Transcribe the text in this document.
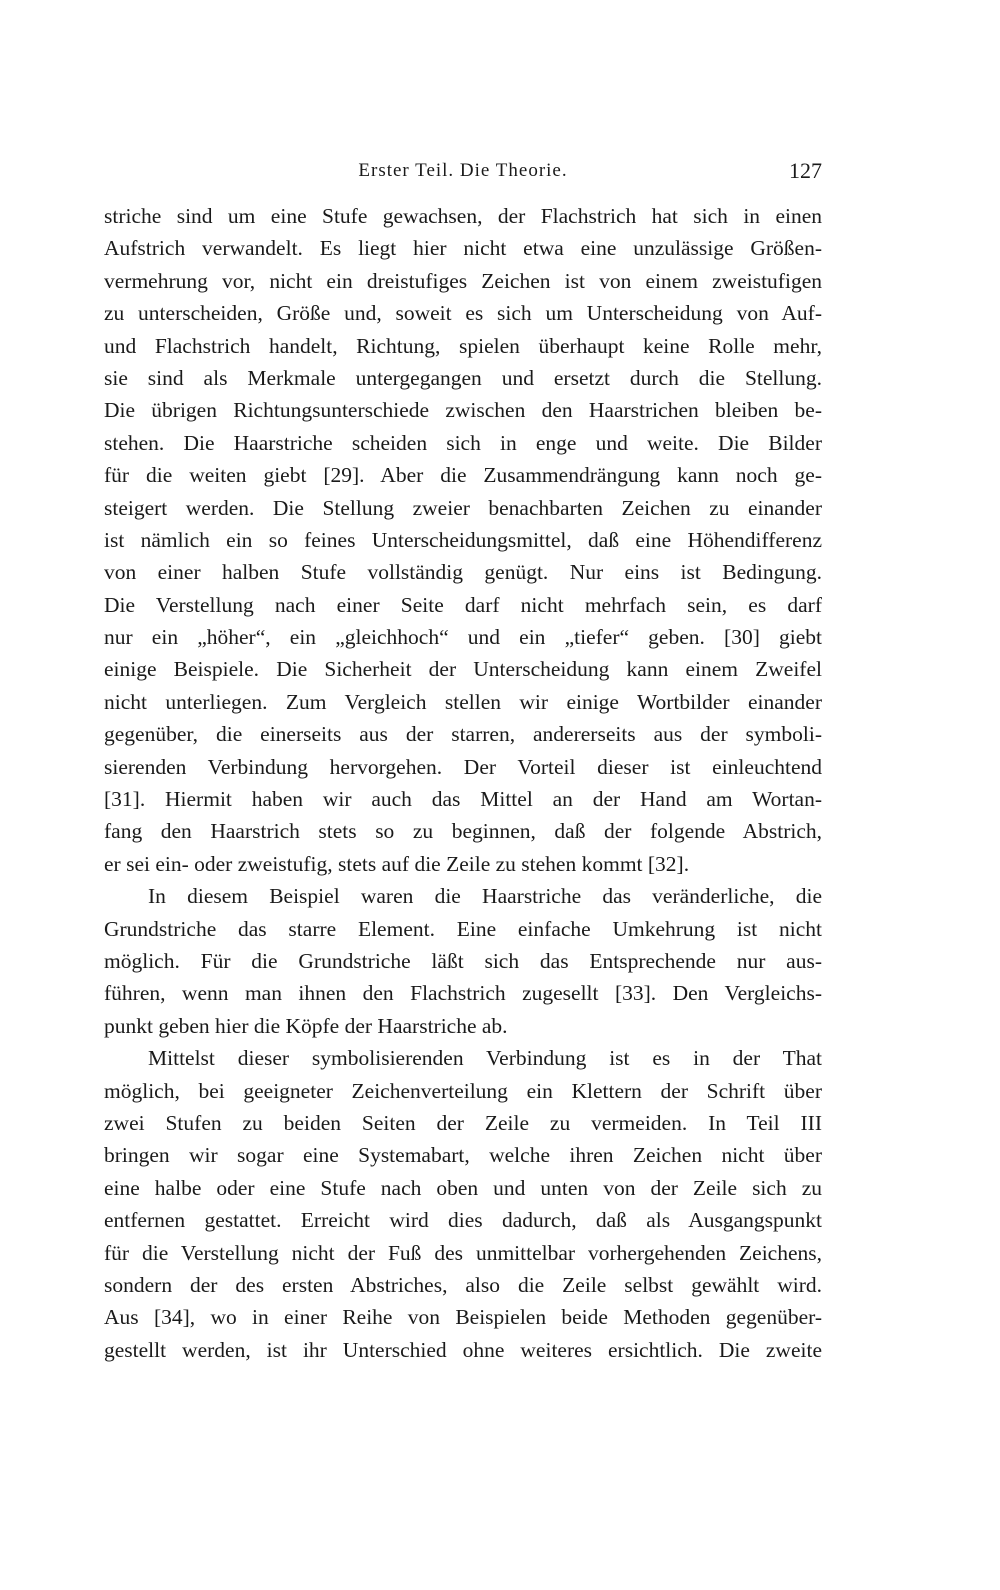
Erster Teil. Die Theorie.	127
striche sind um eine Stufe gewachsen, der Flachstrich hat sich in einen
Aufstrich verwandelt. Es liegt hier nicht etwa eine unzulässige Größen-
vermehrung vor, nicht ein dreistufiges Zeichen ist von einem zweistufigen
zu unterscheiden, Größe und, soweit es sich um Unterscheidung von Auf-
und Flachstrich handelt, Richtung, spielen überhaupt keine Rolle mehr,
sie sind als Merkmale untergegangen und ersetzt durch die Stellung.
Die übrigen Richtungsunterschiede zwischen den Haarstrichen bleiben be-
stehen. Die Haarstriche scheiden sich in enge und weite. Die Bilder
für die weiten giebt [29]. Aber die Zusammendrängung kann noch ge-
steigert werden. Die Stellung zweier benachbarten Zeichen zu einander
ist nämlich ein so feines Unterscheidungsmittel, daß eine Höhendifferenz
von einer halben Stufe vollständig genügt. Nur eins ist Bedingung.
Die Verstellung nach einer Seite darf nicht mehrfach sein, es darf
nur ein „höher“, ein „gleichhoch“ und ein „tiefer“ geben. [30] giebt
einige Beispiele. Die Sicherheit der Unterscheidung kann einem Zweifel
nicht unterliegen. Zum Vergleich stellen wir einige Wortbilder einander
gegenüber, die einerseits aus der starren, andererseits aus der symboli-
sierenden Verbindung hervorgehen. Der Vorteil dieser ist einleuchtend
[31]. Hiermit haben wir auch das Mittel an der Hand am Wortan-
fang den Haarstrich stets so zu beginnen, daß der folgende Abstrich,
er sei ein- oder zweistufig, stets auf die Zeile zu stehen kommt [32].
In diesem Beispiel waren die Haarstriche das veränderliche, die
Grundstriche das starre Element. Eine einfache Umkehrung ist nicht
möglich. Für die Grundstriche läßt sich das Entsprechende nur aus-
führen, wenn man ihnen den Flachstrich zugesellt [33]. Den Vergleichs-
punkt geben hier die Köpfe der Haarstriche ab.
Mittelst dieser symbolisierenden Verbindung ist es in der That
möglich, bei geeigneter Zeichenverteilung ein Klettern der Schrift über
zwei Stufen zu beiden Seiten der Zeile zu vermeiden. In Teil III
bringen wir sogar eine Systemabart, welche ihren Zeichen nicht über
eine halbe oder eine Stufe nach oben und unten von der Zeile sich zu
entfernen gestattet. Erreicht wird dies dadurch, daß als Ausgangspunkt
für die Verstellung nicht der Fuß des unmittelbar vorhergehenden Zeichens,
sondern der des ersten Abstriches, also die Zeile selbst gewählt wird.
Aus [34], wo in einer Reihe von Beispielen beide Methoden gegenüber-
gestellt werden, ist ihr Unterschied ohne weiteres ersichtlich. Die zweite
